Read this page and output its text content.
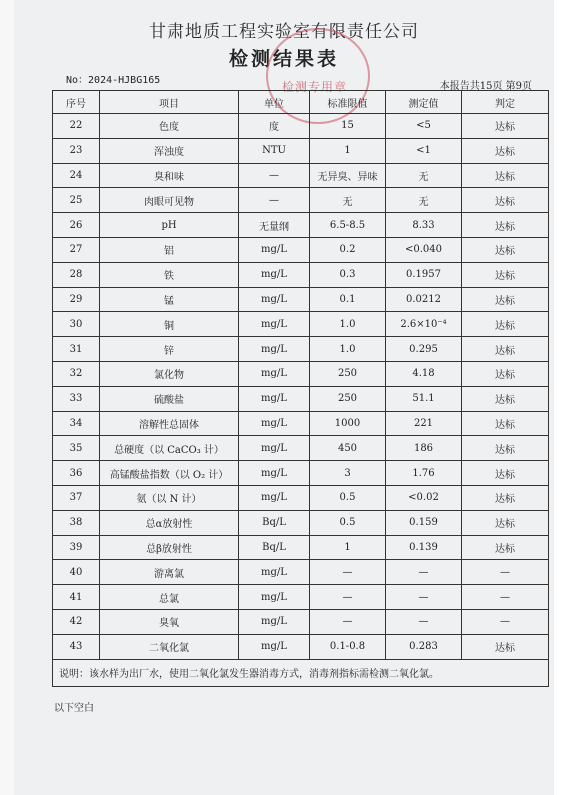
甘肃地质工程实验室有限责任公司
检测结果表
No：2024-HJBG165
本报告共15页 第9页
检测专用章
序号	项目	单位	标准限值	测定值	判定
22	色度	度	15	<5	达标
23	浑浊度	NTU	1	<1	达标
24	臭和味	—	无异臭、异味	无	达标
25	肉眼可见物	—	无	无	达标
26	pH	无量纲	6.5-8.5	8.33	达标
27	铝	mg/L	0.2	<0.040	达标
28	铁	mg/L	0.3	0.1957	达标
29	锰	mg/L	0.1	0.0212	达标
30	铜	mg/L	1.0	2.6×10⁻⁴	达标
31	锌	mg/L	1.0	0.295	达标
32	氯化物	mg/L	250	4.18	达标
33	硫酸盐	mg/L	250	51.1	达标
34	溶解性总固体	mg/L	1000	221	达标
35	总硬度（以 CaCO₃ 计）	mg/L	450	186	达标
36	高锰酸盐指数（以 O₂ 计）	mg/L	3	1.76	达标
37	氨（以 N 计）	mg/L	0.5	<0.02	达标
38	总α放射性	Bq/L	0.5	0.159	达标
39	总β放射性	Bq/L	1	0.139	达标
40	游离氯	mg/L	—	—	—
41	总氯	mg/L	—	—	—
42	臭氧	mg/L	—	—	—
43	二氧化氯	mg/L	0.1-0.8	0.283	达标
说明：该水样为出厂水，使用二氧化氯发生器消毒方式，消毒剂指标需检测二氧化氯。					
以下空白
